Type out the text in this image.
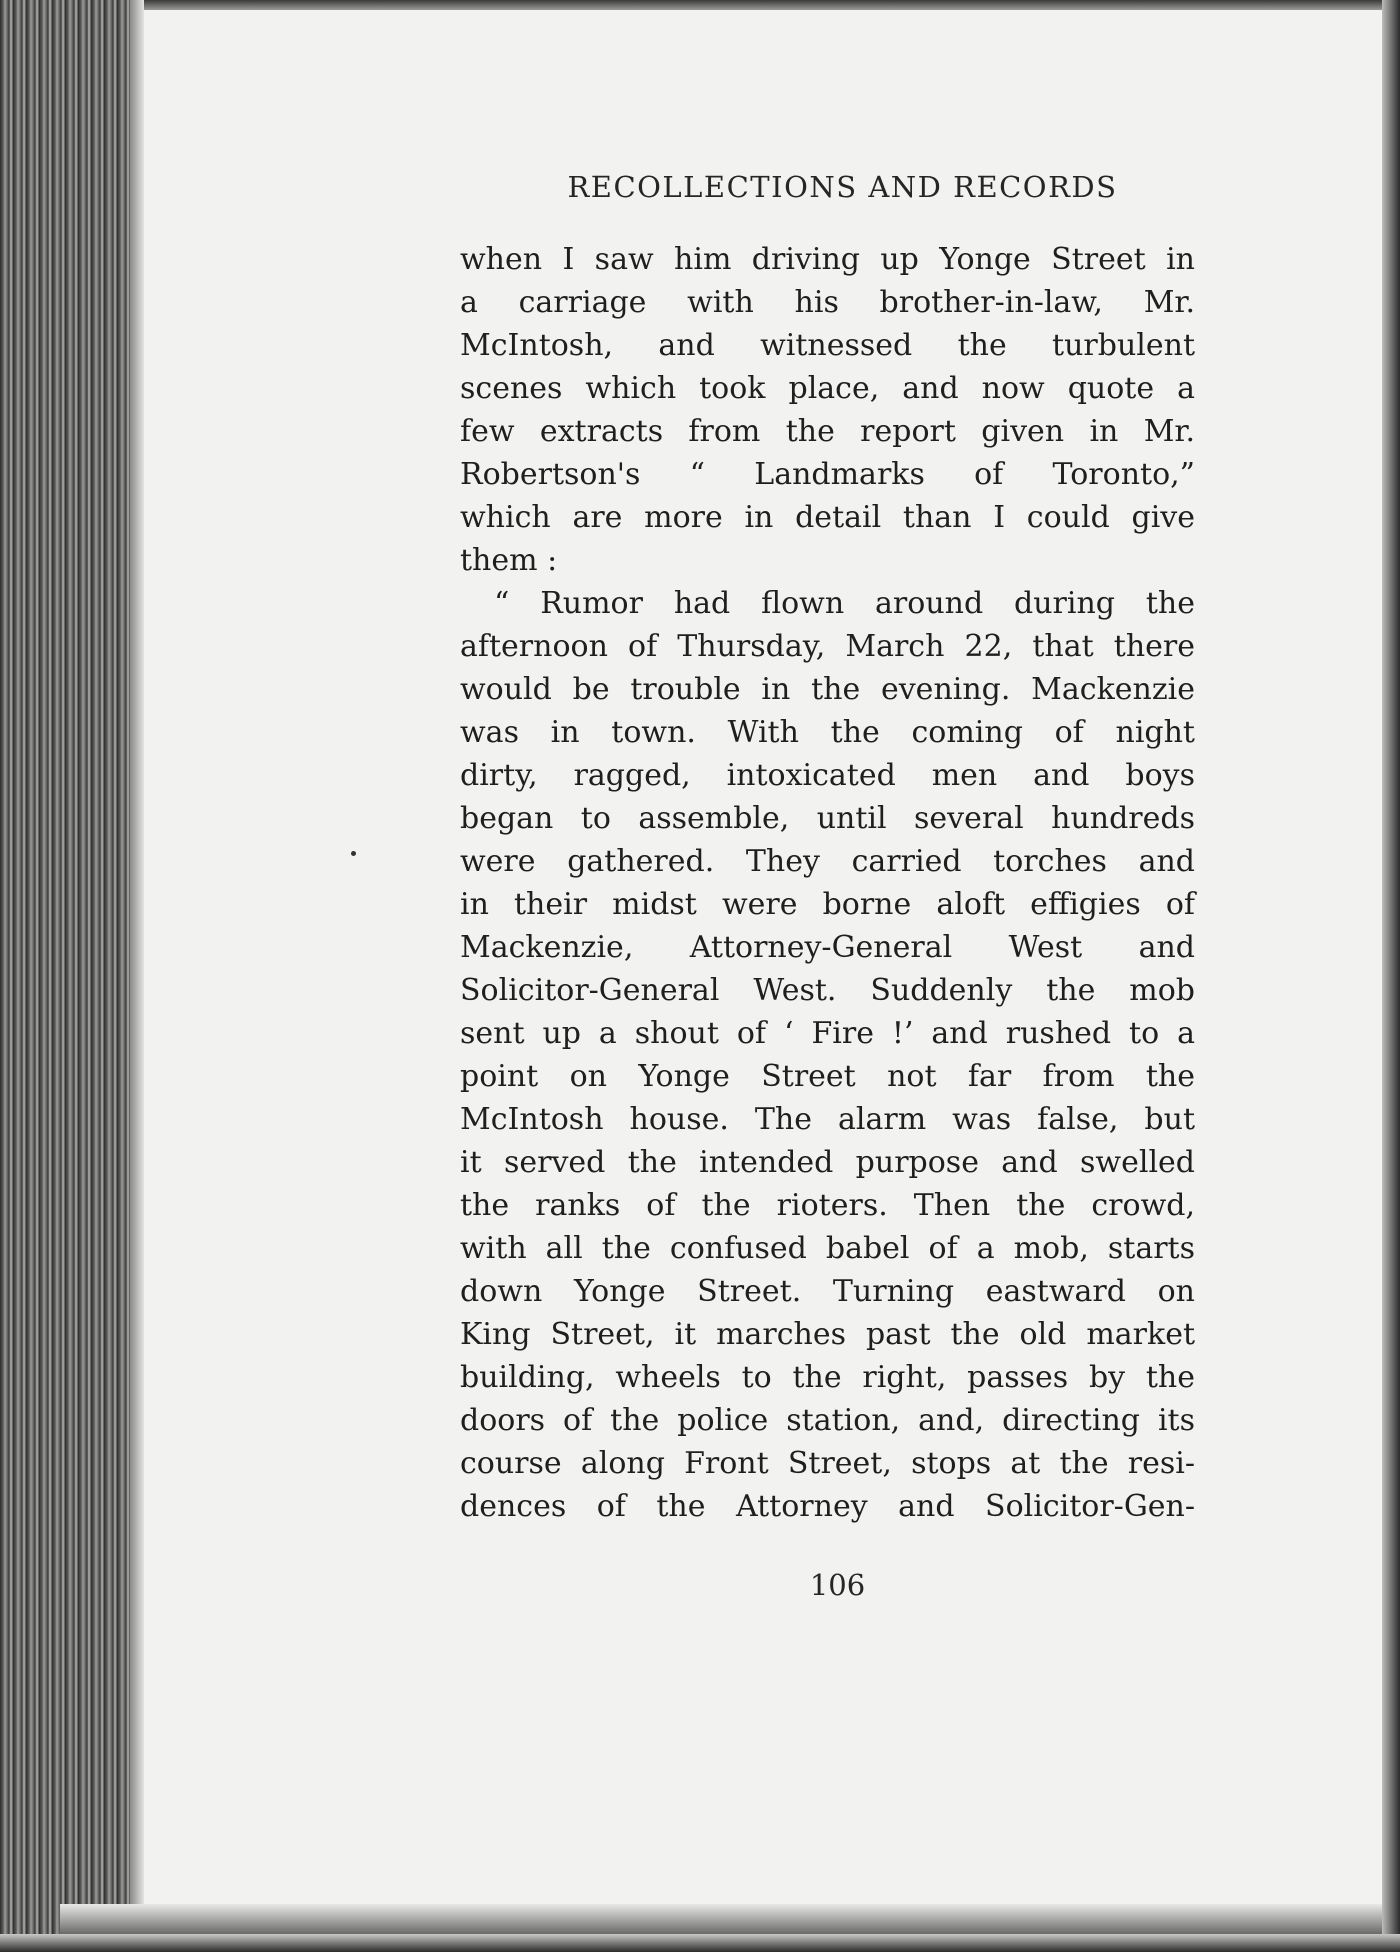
RECOLLECTIONS AND RECORDS
when I saw him driving up Yonge Street in
a carriage with his brother-in-law, Mr.
McIntosh, and witnessed the turbulent
scenes which took place, and now quote a
few extracts from the report given in Mr.
Robertson's “ Landmarks of Toronto,”
which are more in detail than I could give
them :
“ Rumor had flown around during the
afternoon of Thursday, March 22, that there
would be trouble in the evening. Mackenzie
was in town. With the coming of night
dirty, ragged, intoxicated men and boys
began to assemble, until several hundreds
were gathered. They carried torches and
in their midst were borne aloft effigies of
Mackenzie, Attorney-General West and
Solicitor-General West. Suddenly the mob
sent up a shout of ‘ Fire !’ and rushed to a
point on Yonge Street not far from the
McIntosh house. The alarm was false, but
it served the intended purpose and swelled
the ranks of the rioters. Then the crowd,
with all the confused babel of a mob, starts
down Yonge Street. Turning eastward on
King Street, it marches past the old market
building, wheels to the right, passes by the
doors of the police station, and, directing its
course along Front Street, stops at the resi-
dences of the Attorney and Solicitor-Gen-
106
